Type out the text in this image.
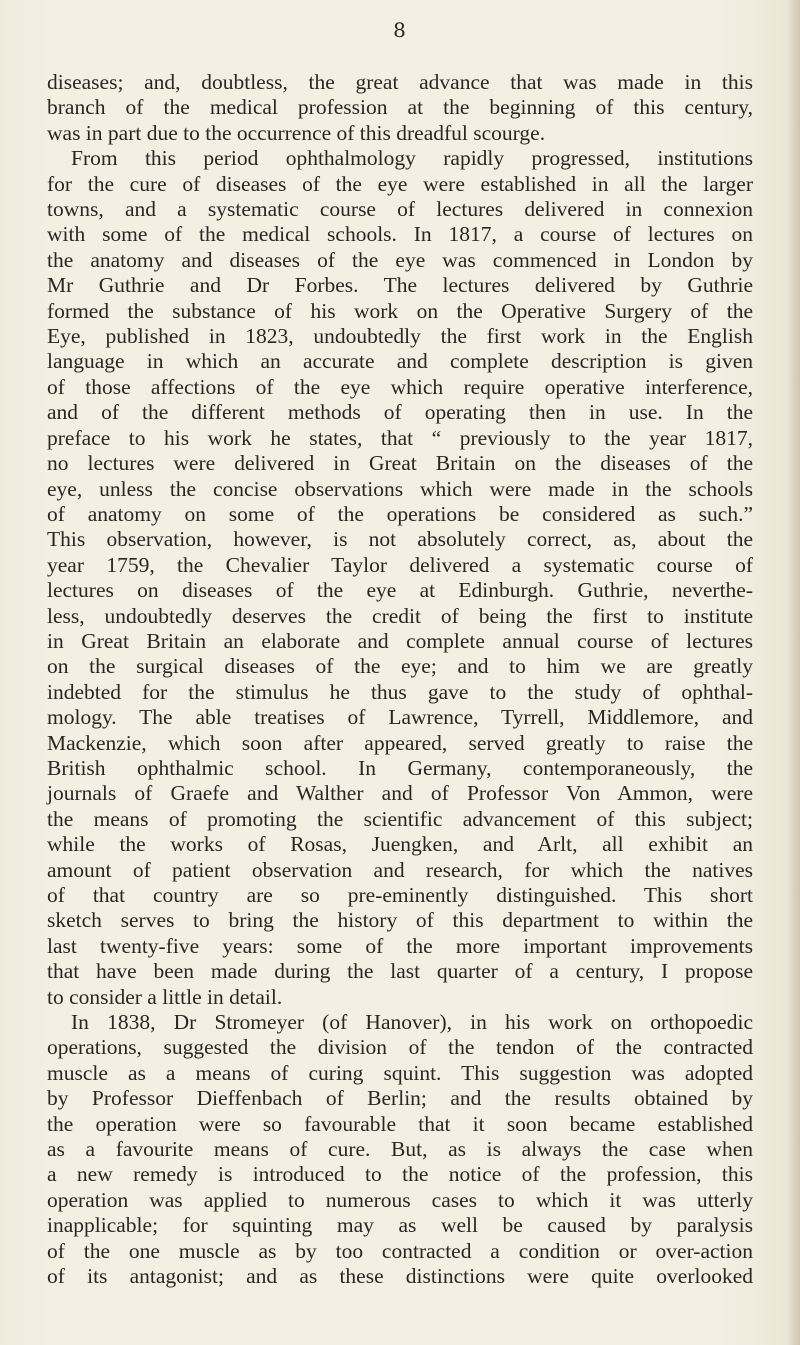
8
diseases; and, doubtless, the great advance that was made in this
branch of the medical profession at the beginning of this century,
was in part due to the occurrence of this dreadful scourge.
From this period ophthalmology rapidly progressed, institutions
for the cure of diseases of the eye were established in all the larger
towns, and a systematic course of lectures delivered in connexion
with some of the medical schools. In 1817, a course of lectures on
the anatomy and diseases of the eye was commenced in London by
Mr Guthrie and Dr Forbes. The lectures delivered by Guthrie
formed the substance of his work on the Operative Surgery of the
Eye, published in 1823, undoubtedly the first work in the English
language in which an accurate and complete description is given
of those affections of the eye which require operative interference,
and of the different methods of operating then in use. In the
preface to his work he states, that “ previously to the year 1817,
no lectures were delivered in Great Britain on the diseases of the
eye, unless the concise observations which were made in the schools
of anatomy on some of the operations be considered as such.”
This observation, however, is not absolutely correct, as, about the
year 1759, the Chevalier Taylor delivered a systematic course of
lectures on diseases of the eye at Edinburgh. Guthrie, neverthe-
less, undoubtedly deserves the credit of being the first to institute
in Great Britain an elaborate and complete annual course of lectures
on the surgical diseases of the eye; and to him we are greatly
indebted for the stimulus he thus gave to the study of ophthal-
mology. The able treatises of Lawrence, Tyrrell, Middlemore, and
Mackenzie, which soon after appeared, served greatly to raise the
British ophthalmic school. In Germany, contemporaneously, the
journals of Graefe and Walther and of Professor Von Ammon, were
the means of promoting the scientific advancement of this subject;
while the works of Rosas, Juengken, and Arlt, all exhibit an
amount of patient observation and research, for which the natives
of that country are so pre-eminently distinguished. This short
sketch serves to bring the history of this department to within the
last twenty-five years: some of the more important improvements
that have been made during the last quarter of a century, I propose
to consider a little in detail.
In 1838, Dr Stromeyer (of Hanover), in his work on orthopoedic
operations, suggested the division of the tendon of the contracted
muscle as a means of curing squint. This suggestion was adopted
by Professor Dieffenbach of Berlin; and the results obtained by
the operation were so favourable that it soon became established
as a favourite means of cure. But, as is always the case when
a new remedy is introduced to the notice of the profession, this
operation was applied to numerous cases to which it was utterly
inapplicable; for squinting may as well be caused by paralysis
of the one muscle as by too contracted a condition or over-action
of its antagonist; and as these distinctions were quite overlooked
